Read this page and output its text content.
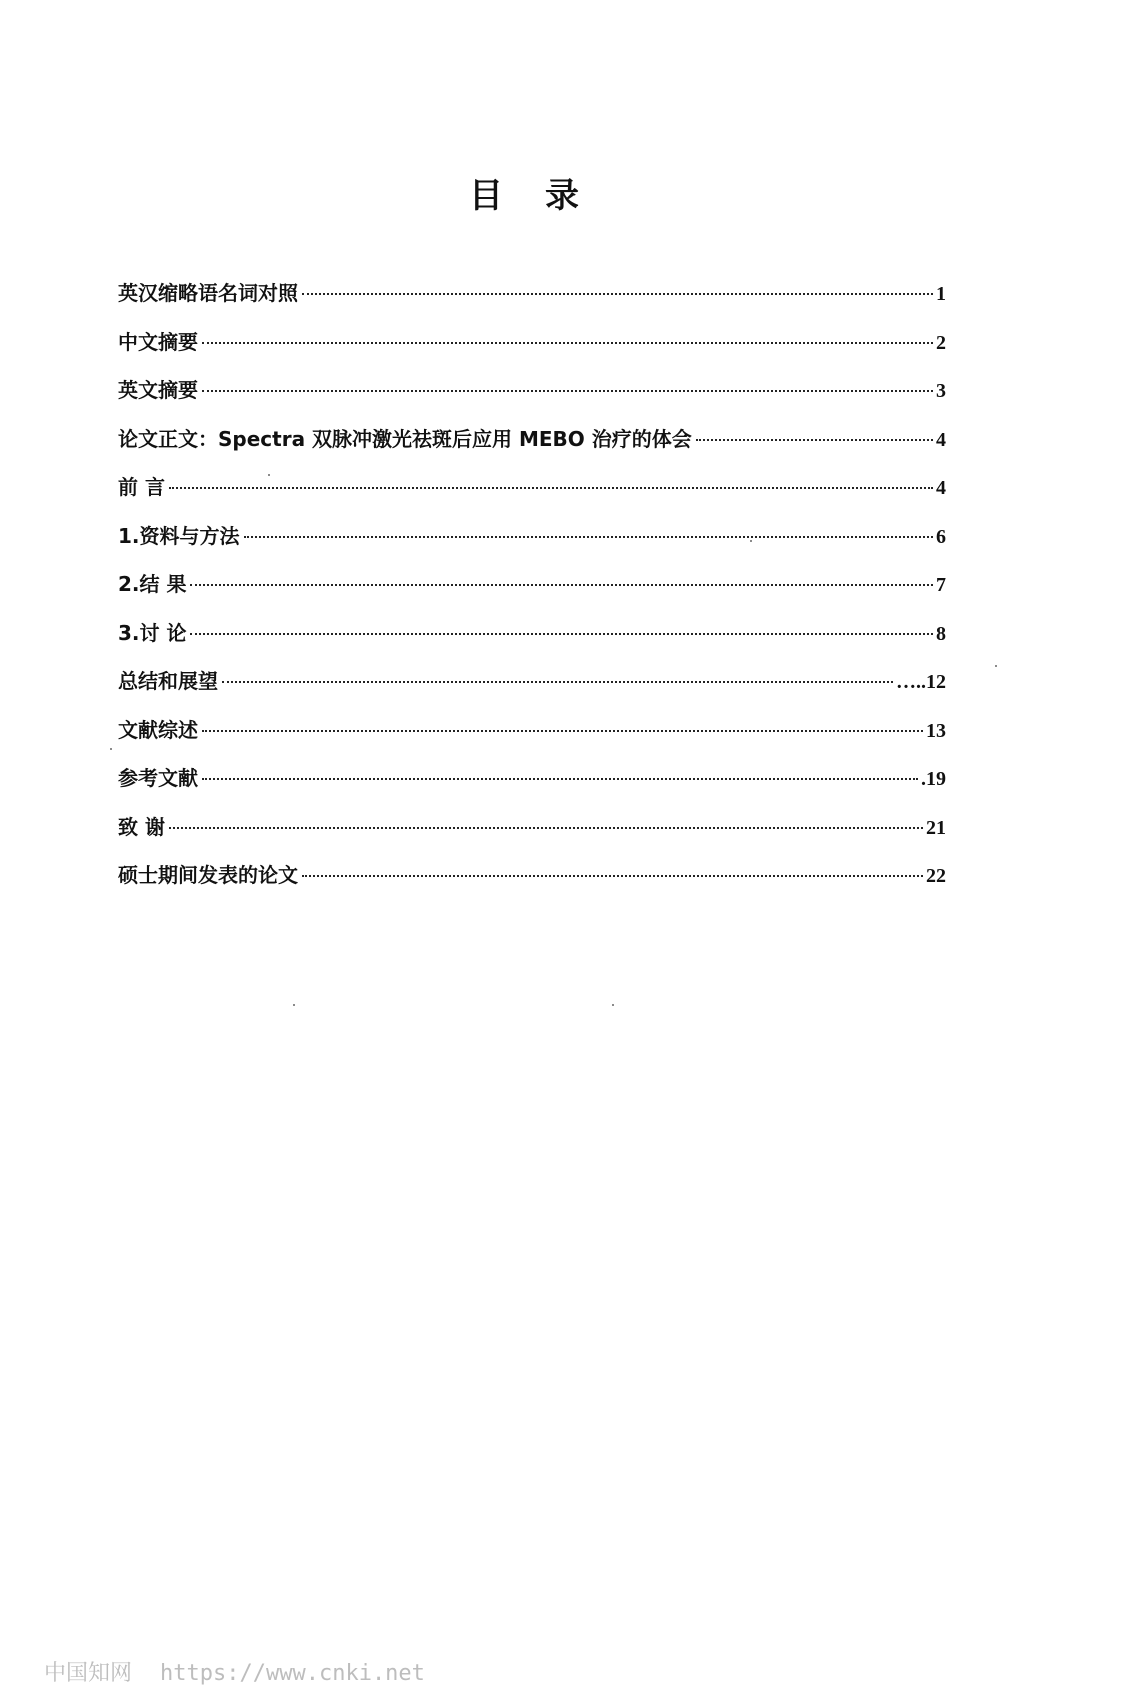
目 录
英汉缩略语名词对照	1
中文摘要	2
英文摘要	3
论文正文：Spectra 双脉冲激光祛斑后应用 MEBO 治疗的体会	4
前 言	4
1.资料与方法	6
2.结 果	7
3.讨 论	8
总结和展望	…..12
文献综述	13
参考文献	.19
致 谢	21
硕士期间发表的论文	22
中国知网 https://www.cnki.net
